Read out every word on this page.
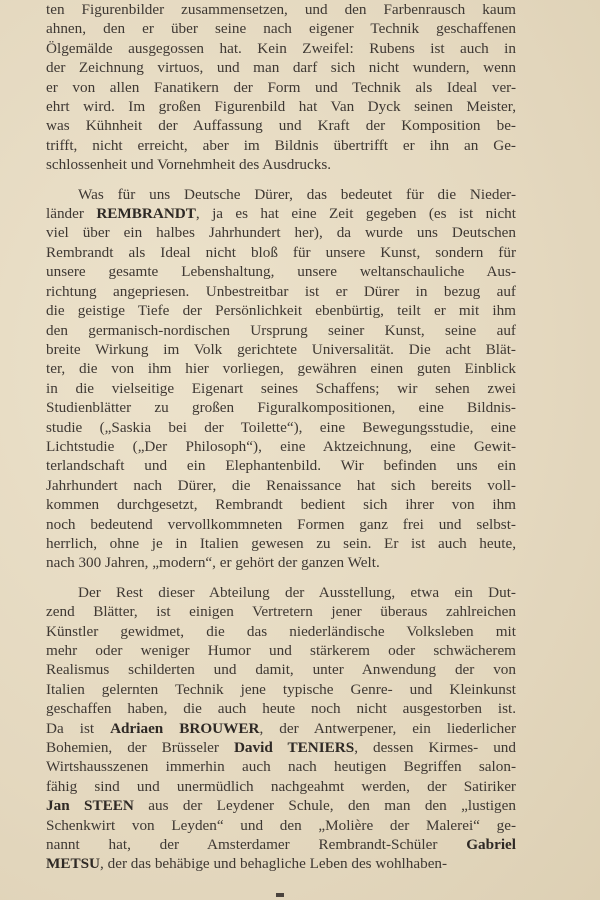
ten Figurenbilder zusammensetzen, und den Farbenrausch kaum
ahnen, den er über seine nach eigener Technik geschaffenen
Ölgemälde ausgegossen hat. Kein Zweifel: Rubens ist auch in
der Zeichnung virtuos, und man darf sich nicht wundern, wenn
er von allen Fanatikern der Form und Technik als Ideal ver-
ehrt wird. Im großen Figurenbild hat Van Dyck seinen Meister,
was Kühnheit der Auffassung und Kraft der Komposition be-
trifft, nicht erreicht, aber im Bildnis übertrifft er ihn an Ge-
schlossenheit und Vornehmheit des Ausdrucks.
Was für uns Deutsche Dürer, das bedeutet für die Nieder-
länder REMBRANDT, ja es hat eine Zeit gegeben (es ist nicht
viel über ein halbes Jahrhundert her), da wurde uns Deutschen
Rembrandt als Ideal nicht bloß für unsere Kunst, sondern für
unsere gesamte Lebenshaltung, unsere weltanschauliche Aus-
richtung angepriesen. Unbestreitbar ist er Dürer in bezug auf
die geistige Tiefe der Persönlichkeit ebenbürtig, teilt er mit ihm
den germanisch-nordischen Ursprung seiner Kunst, seine auf
breite Wirkung im Volk gerichtete Universalität. Die acht Blät-
ter, die von ihm hier vorliegen, gewähren einen guten Einblick
in die vielseitige Eigenart seines Schaffens; wir sehen zwei
Studienblätter zu großen Figuralkompositionen, eine Bildnis-
studie („Saskia bei der Toilette“), eine Bewegungsstudie, eine
Lichtstudie („Der Philosoph“), eine Aktzeichnung, eine Gewit-
terlandschaft und ein Elephantenbild. Wir befinden uns ein
Jahrhundert nach Dürer, die Renaissance hat sich bereits voll-
kommen durchgesetzt, Rembrandt bedient sich ihrer von ihm
noch bedeutend vervollkommneten Formen ganz frei und selbst-
herrlich, ohne je in Italien gewesen zu sein. Er ist auch heute,
nach 300 Jahren, „modern“, er gehört der ganzen Welt.
Der Rest dieser Abteilung der Ausstellung, etwa ein Dut-
zend Blätter, ist einigen Vertretern jener überaus zahlreichen
Künstler gewidmet, die das niederländische Volksleben mit
mehr oder weniger Humor und stärkerem oder schwächerem
Realismus schilderten und damit, unter Anwendung der von
Italien gelernten Technik jene typische Genre- und Kleinkunst
geschaffen haben, die auch heute noch nicht ausgestorben ist.
Da ist Adriaen BROUWER, der Antwerpener, ein liederlicher
Bohemien, der Brüsseler David TENIERS, dessen Kirmes- und
Wirtshausszenen immerhin auch nach heutigen Begriffen salon-
fähig sind und unermüdlich nachgeahmt werden, der Satiriker
Jan STEEN aus der Leydener Schule, den man den „lustigen
Schenkwirt von Leyden“ und den „Molière der Malerei“ ge-
nannt hat, der Amsterdamer Rembrandt-Schüler Gabriel
METSU, der das behäbige und behagliche Leben des wohlhaben-
